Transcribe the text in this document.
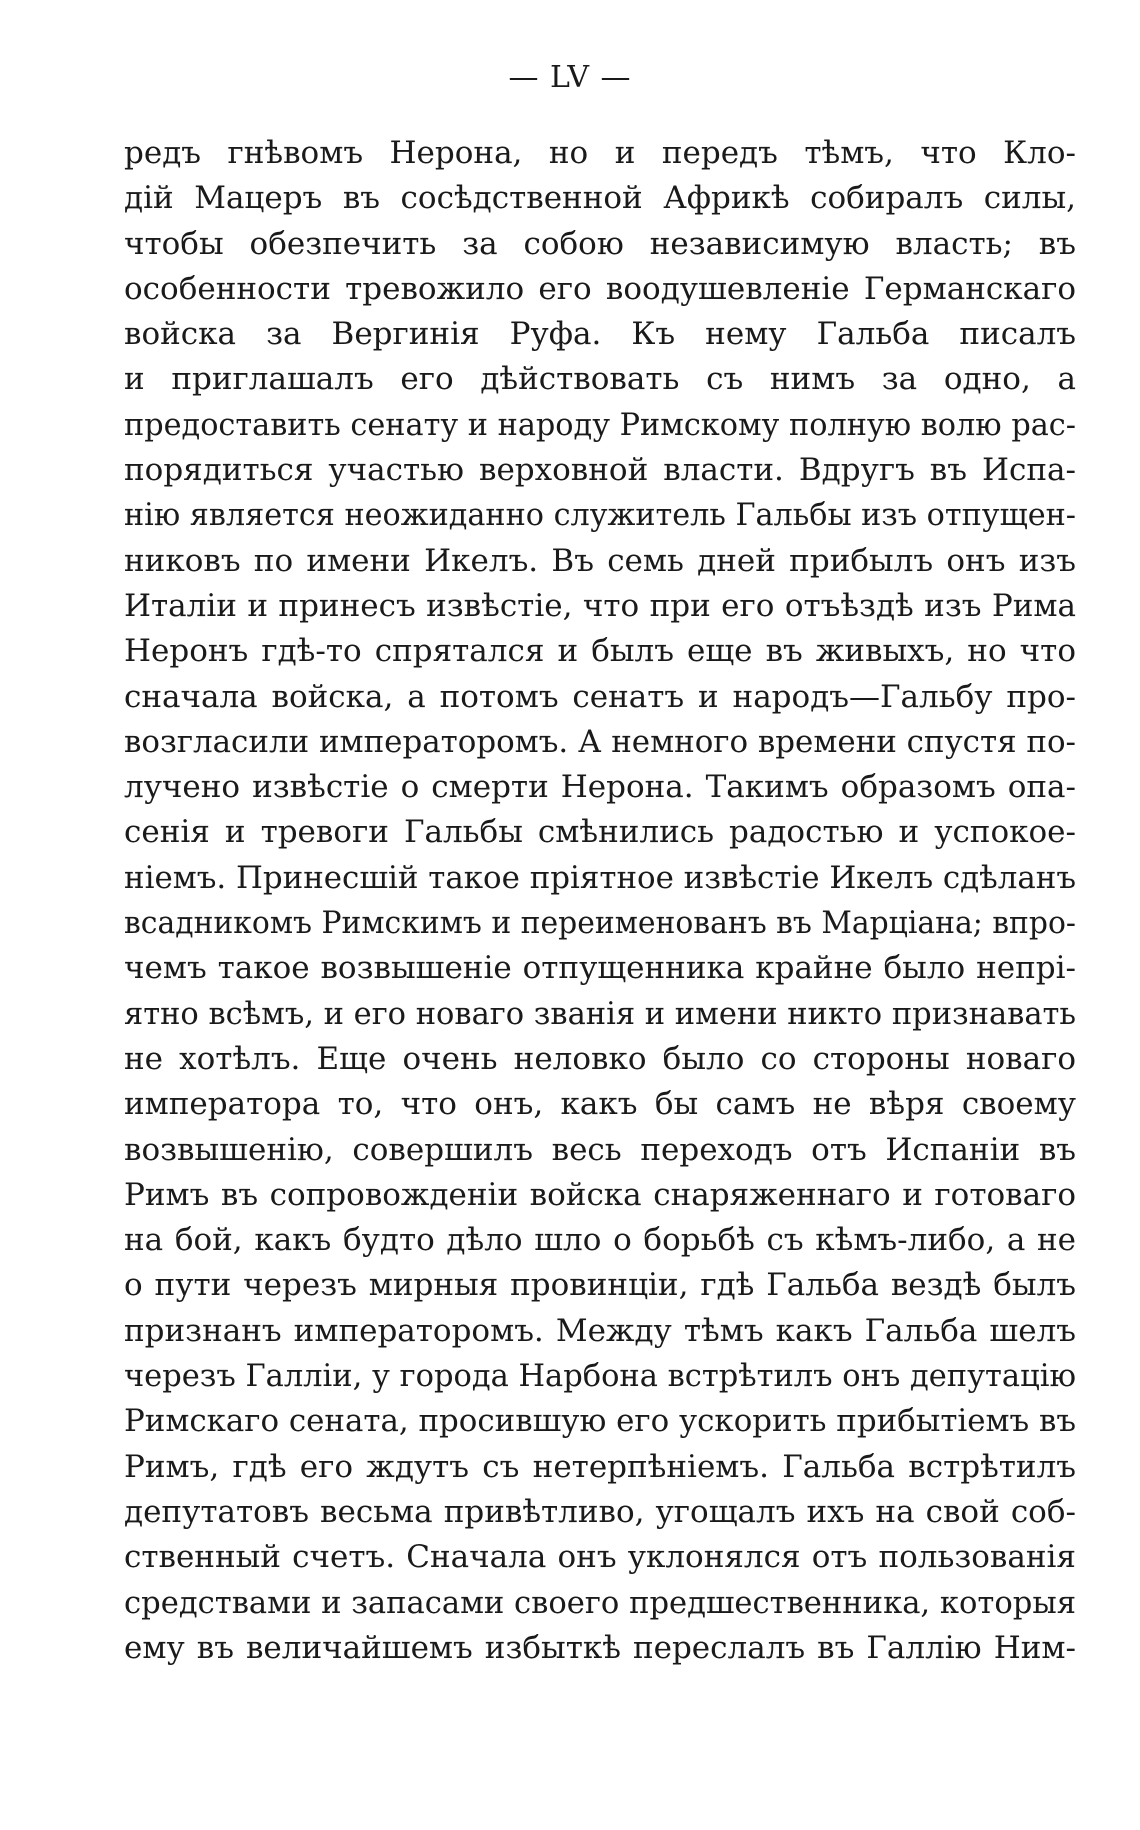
— LV —
редъ гнѣвомъ Нерона, но и передъ тѣмъ, что Кло-
дій Мацеръ въ сосѣдственной Африкѣ собиралъ силы,
чтобы обезпечить за собою независимую власть; въ
особенности тревожило его воодушевленіе Германскаго
войска за Вергинія Руфа. Къ нему Гальба писалъ
и приглашалъ его дѣйствовать съ нимъ за одно, а
предоставить сенату и народу Римскому полную волю рас-
порядиться участью верховной власти. Вдругъ въ Испа-
нію является неожиданно служитель Гальбы изъ отпущен-
никовъ по имени Икелъ. Въ семь дней прибылъ онъ изъ
Италіи и принесъ извѣстіе, что при его отъѣздѣ изъ Рима
Неронъ гдѣ-то спрятался и былъ еще въ живыхъ, но что
сначала войска, а потомъ сенатъ и народъ—Гальбу про-
возгласили императоромъ. А немного времени спустя по-
лучено извѣстіе о смерти Нерона. Такимъ образомъ опа-
сенія и тревоги Гальбы смѣнились радостью и успокое-
ніемъ. Принесшій такое пріятное извѣстіе Икелъ сдѣланъ
всадникомъ Римскимъ и переименованъ въ Марціана; впро-
чемъ такое возвышеніе отпущенника крайне было непрі-
ятно всѣмъ, и его новаго званія и имени никто признавать
не хотѣлъ. Еще очень неловко было со стороны новаго
императора то, что онъ, какъ бы самъ не вѣря своему
возвышенію, совершилъ весь переходъ отъ Испаніи въ
Римъ въ сопровожденіи войска снаряженнаго и готоваго
на бой, какъ будто дѣло шло о борьбѣ съ кѣмъ-либо, а не
о пути черезъ мирныя провинціи, гдѣ Гальба вездѣ былъ
признанъ императоромъ. Между тѣмъ какъ Гальба шелъ
черезъ Галліи, у города Нарбона встрѣтилъ онъ депутацію
Римскаго сената, просившую его ускорить прибытіемъ въ
Римъ, гдѣ его ждутъ съ нетерпѣніемъ. Гальба встрѣтилъ
депутатовъ весьма привѣтливо, угощалъ ихъ на свой соб-
ственный счетъ. Сначала онъ уклонялся отъ пользованія
средствами и запасами своего предшественника, которыя
ему въ величайшемъ избыткѣ переслалъ въ Галлію Ним-
